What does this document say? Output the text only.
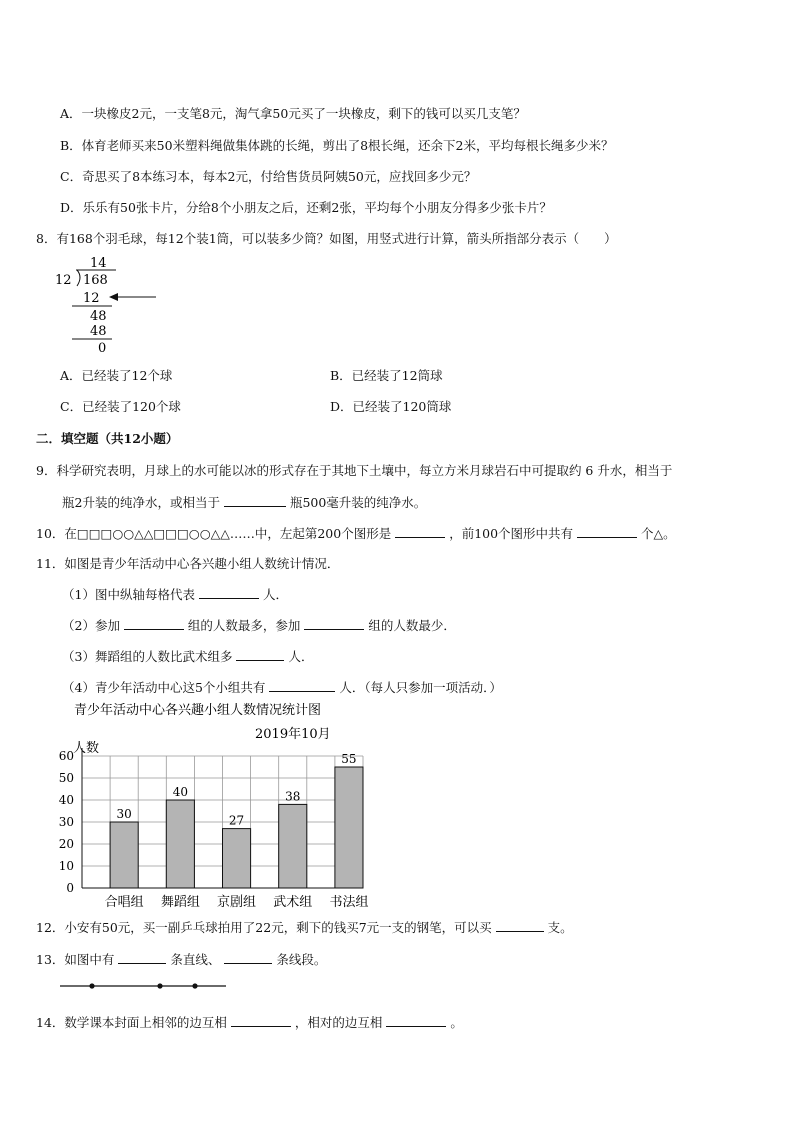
A．一块橡皮2元，一支笔8元，淘气拿50元买了一块橡皮，剩下的钱可以买几支笔？
B．体育老师买来50米塑料绳做集体跳的长绳，剪出了8根长绳，还余下2米，平均每根长绳多少米？
C．奇思买了8本练习本，每本2元，付给售货员阿姨50元，应找回多少元？
D．乐乐有50张卡片，分给8个小朋友之后，还剩2张，平均每个小朋友分得多少张卡片？
8．有168个羽毛球，每12个装1筒，可以装多少筒？如图，用竖式进行计算，箭头所指部分表示（　　）
14
12 168
12
48
48
0
A．已经装了12个球	B．已经装了12筒球
C．已经装了120个球	D．已经装了120筒球
二．填空题（共12小题）
9．科学研究表明，月球上的水可能以冰的形式存在于其地下土壤中，每立方米月球岩石中可提取约 6 升水，相当于
瓶2升装的纯净水，或相当于	瓶500毫升装的纯净水。
10．在□□□○○△△□□□○○△△……中，左起第200个图形是	，前100个图形中共有	个△。
11．如图是青少年活动中心各兴趣小组人数统计情况．
（1）图中纵轴每格代表	人．
（2）参加	组的人数最多，参加	组的人数最少．
（3）舞蹈组的人数比武术组多	人．
（4）青少年活动中心这5个小组共有	人．（每人只参加一项活动．）
青少年活动中心各兴趣小组人数情况统计图
2019年10月
人数
0
10
20
30
40
50
60
合唱组 舞蹈组 京剧组 武术组 书法组
30
40
27
38
55
12．小安有50元，买一副乒乓球拍用了22元，剩下的钱买7元一支的钢笔，可以买	支。
13．如图中有	条直线、	条线段。
14．数学课本封面上相邻的边互相	，相对的边互相	。
